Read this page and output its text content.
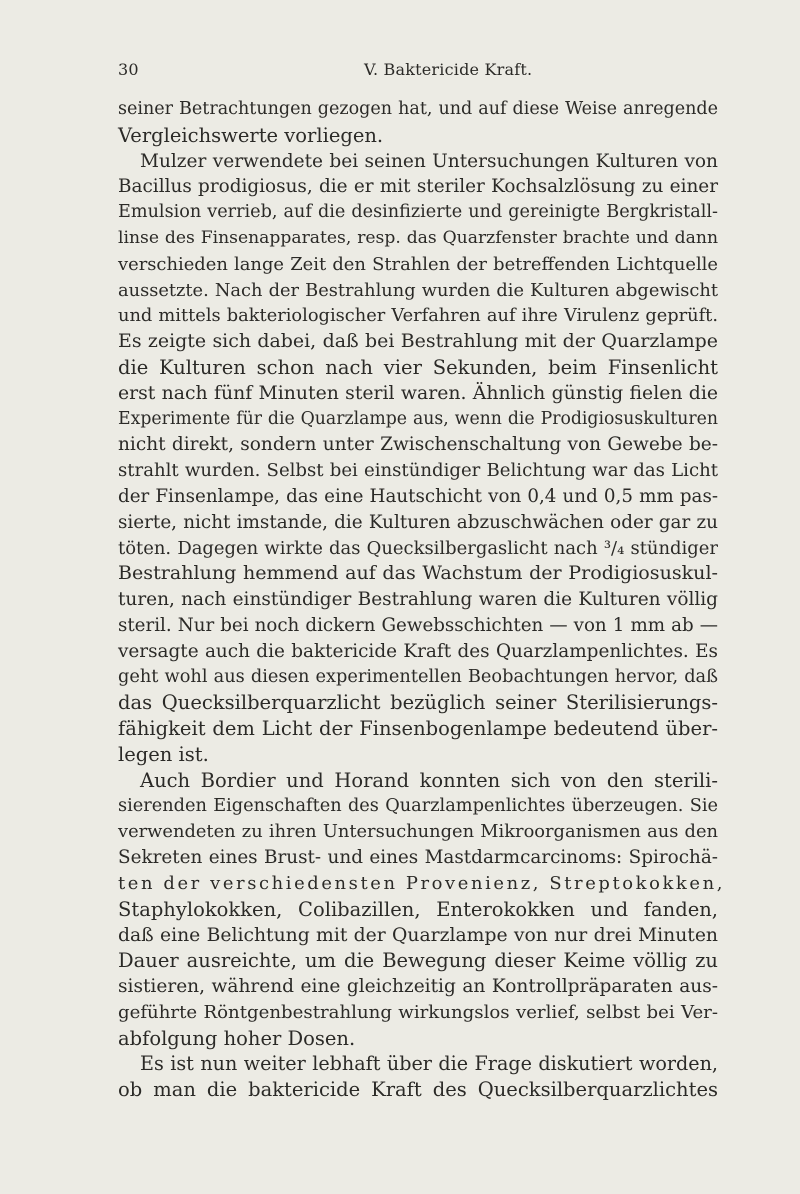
30	V. Baktericide Kraft.
seiner Betrachtungen gezogen hat, und auf diese Weise anregende
Vergleichswerte vorliegen.
Mulzer verwendete bei seinen Untersuchungen Kulturen von
Bacillus prodigiosus, die er mit steriler Kochsalzlösung zu einer
Emulsion verrieb, auf die desinfizierte und gereinigte Bergkristall-
linse des Finsenapparates, resp. das Quarzfenster brachte und dann
verschieden lange Zeit den Strahlen der betreffenden Lichtquelle
aussetzte. Nach der Bestrahlung wurden die Kulturen abgewischt
und mittels bakteriologischer Verfahren auf ihre Virulenz geprüft.
Es zeigte sich dabei, daß bei Bestrahlung mit der Quarzlampe
die Kulturen schon nach vier Sekunden, beim Finsenlicht
erst nach fünf Minuten steril waren. Ähnlich günstig fielen die
Experimente für die Quarzlampe aus, wenn die Prodigiosuskulturen
nicht direkt, sondern unter Zwischenschaltung von Gewebe be-
strahlt wurden. Selbst bei einstündiger Belichtung war das Licht
der Finsenlampe, das eine Hautschicht von 0,4 und 0,5 mm pas-
sierte, nicht imstande, die Kulturen abzuschwächen oder gar zu
töten. Dagegen wirkte das Quecksilbergaslicht nach ³/₄ stündiger
Bestrahlung hemmend auf das Wachstum der Prodigiosuskul-
turen, nach einstündiger Bestrahlung waren die Kulturen völlig
steril. Nur bei noch dickern Gewebsschichten — von 1 mm ab —
versagte auch die baktericide Kraft des Quarzlampenlichtes. Es
geht wohl aus diesen experimentellen Beobachtungen hervor, daß
das Quecksilberquarzlicht bezüglich seiner Sterilisierungs-
fähigkeit dem Licht der Finsenbogenlampe bedeutend über-
legen ist.
Auch Bordier und Horand konnten sich von den sterili-
sierenden Eigenschaften des Quarzlampenlichtes überzeugen. Sie
verwendeten zu ihren Untersuchungen Mikroorganismen aus den
Sekreten eines Brust- und eines Mastdarmcarcinoms: Spirochä-
ten der verschiedensten Provenienz, Streptokokken,
Staphylokokken, Colibazillen, Enterokokken und fanden,
daß eine Belichtung mit der Quarzlampe von nur drei Minuten
Dauer ausreichte, um die Bewegung dieser Keime völlig zu
sistieren, während eine gleichzeitig an Kontrollpräparaten aus-
geführte Röntgenbestrahlung wirkungslos verlief, selbst bei Ver-
abfolgung hoher Dosen.
Es ist nun weiter lebhaft über die Frage diskutiert worden,
ob man die baktericide Kraft des Quecksilberquarzlichtes
